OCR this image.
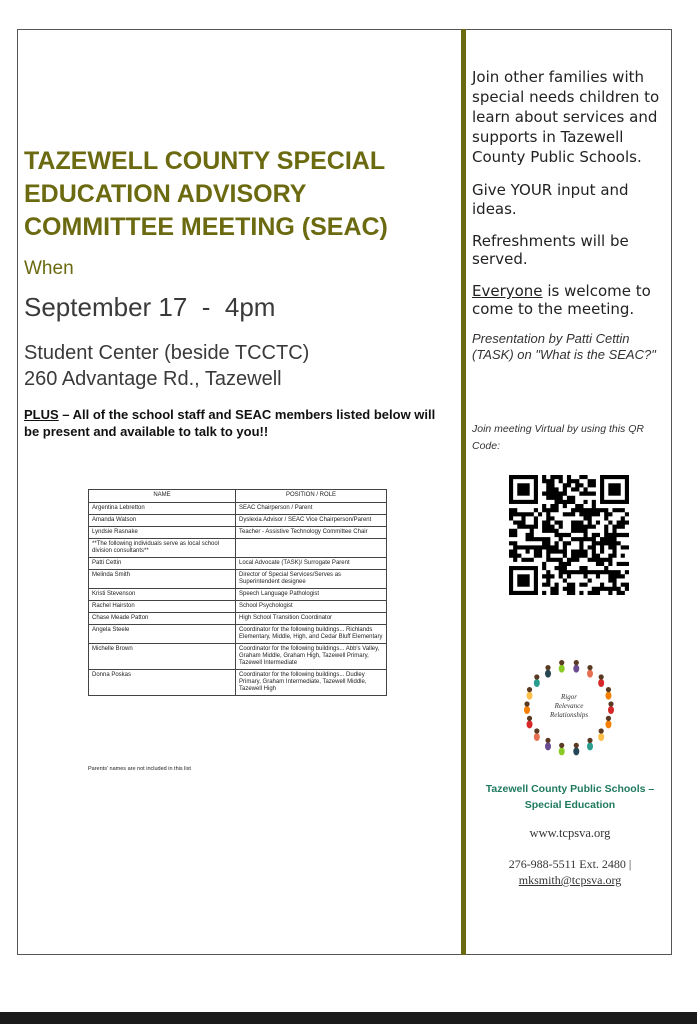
TAZEWELL COUNTY SPECIAL EDUCATION ADVISORY COMMITTEE MEETING (SEAC)
When
September 17  -  4pm
Student Center (beside TCCTC)
260 Advantage Rd., Tazewell
PLUS – All of the school staff and SEAC members listed below will be present and available to talk to you!!
NAME	POSITION / ROLE
Argentina Lebretton	SEAC Chairperson / Parent
Amanda Watson	Dyslexia Advisor / SEAC Vice Chairperson/Parent
Lyndsie Rasnake	Teacher - Assistive Technology Committee Chair
**The following individuals serve as local school division consultants**	
Patti Cettin	Local Advocate (TASK)/ Surrogate Parent
Melinda Smith	Director of Special Services/Serves as Superintendent designee
Kristi Stevenson	Speech Language Pathologist
Rachel Hairston	School Psychologist
Chase Meade Patton	High School Transition Coordinator
Angela Steele	Coordinator for the following buildings... Richlands Elementary, Middle, High, and Cedar Bluff Elementary
Michelle Brown	Coordinator for the following buildings... Abb's Valley, Graham Middle, Graham High, Tazewell Primary, Tazewell Intermediate
Donna Poskas	Coordinator for the following buildings... Dudley Primary, Graham Intermediate, Tazewell Middle, Tazewell High
Parents' names are not included in this list
Join other families with special needs children to learn about services and supports in Tazewell County Public Schools.
Give YOUR input and ideas.
Refreshments will be served.
Everyone is welcome to come to the meeting.
Presentation by Patti Cettin (TASK) on "What is the SEAC?"
Join meeting Virtual by using this QR Code:
Rigor
Relevance
Relationships
Tazewell County Public Schools –
Special Education
www.tcpsva.org
276-988-5511 Ext. 2480 |
mksmith@tcpsva.org
